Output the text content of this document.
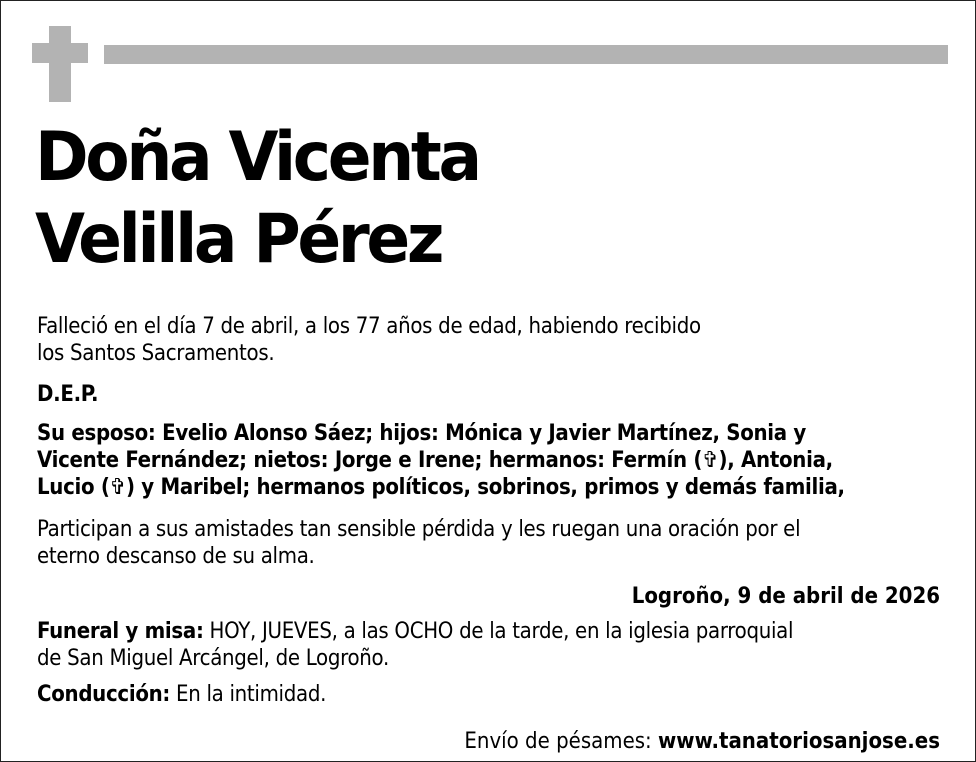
Doña Vicenta
Velilla Pérez

Falleció en el día 7 de abril, a los 77 años de edad, habiendo recibido
los Santos Sacramentos.

D.E.P.

Su esposo: Evelio Alonso Sáez; hijos: Mónica y Javier Martínez, Sonia y
Vicente Fernández; nietos: Jorge e Irene; hermanos: Fermín (✞), Antonia,
Lucio (✞) y Maribel; hermanos políticos, sobrinos, primos y demás familia,

Participan a sus amistades tan sensible pérdida y les ruegan una oración por el
eterno descanso de su alma.

Logroño, 9 de abril de 2026

Funeral y misa: HOY, JUEVES, a las OCHO de la tarde, en la iglesia parroquial
de San Miguel Arcángel, de Logroño.

Conducción: En la intimidad.

Envío de pésames: www.tanatoriosanjose.es
